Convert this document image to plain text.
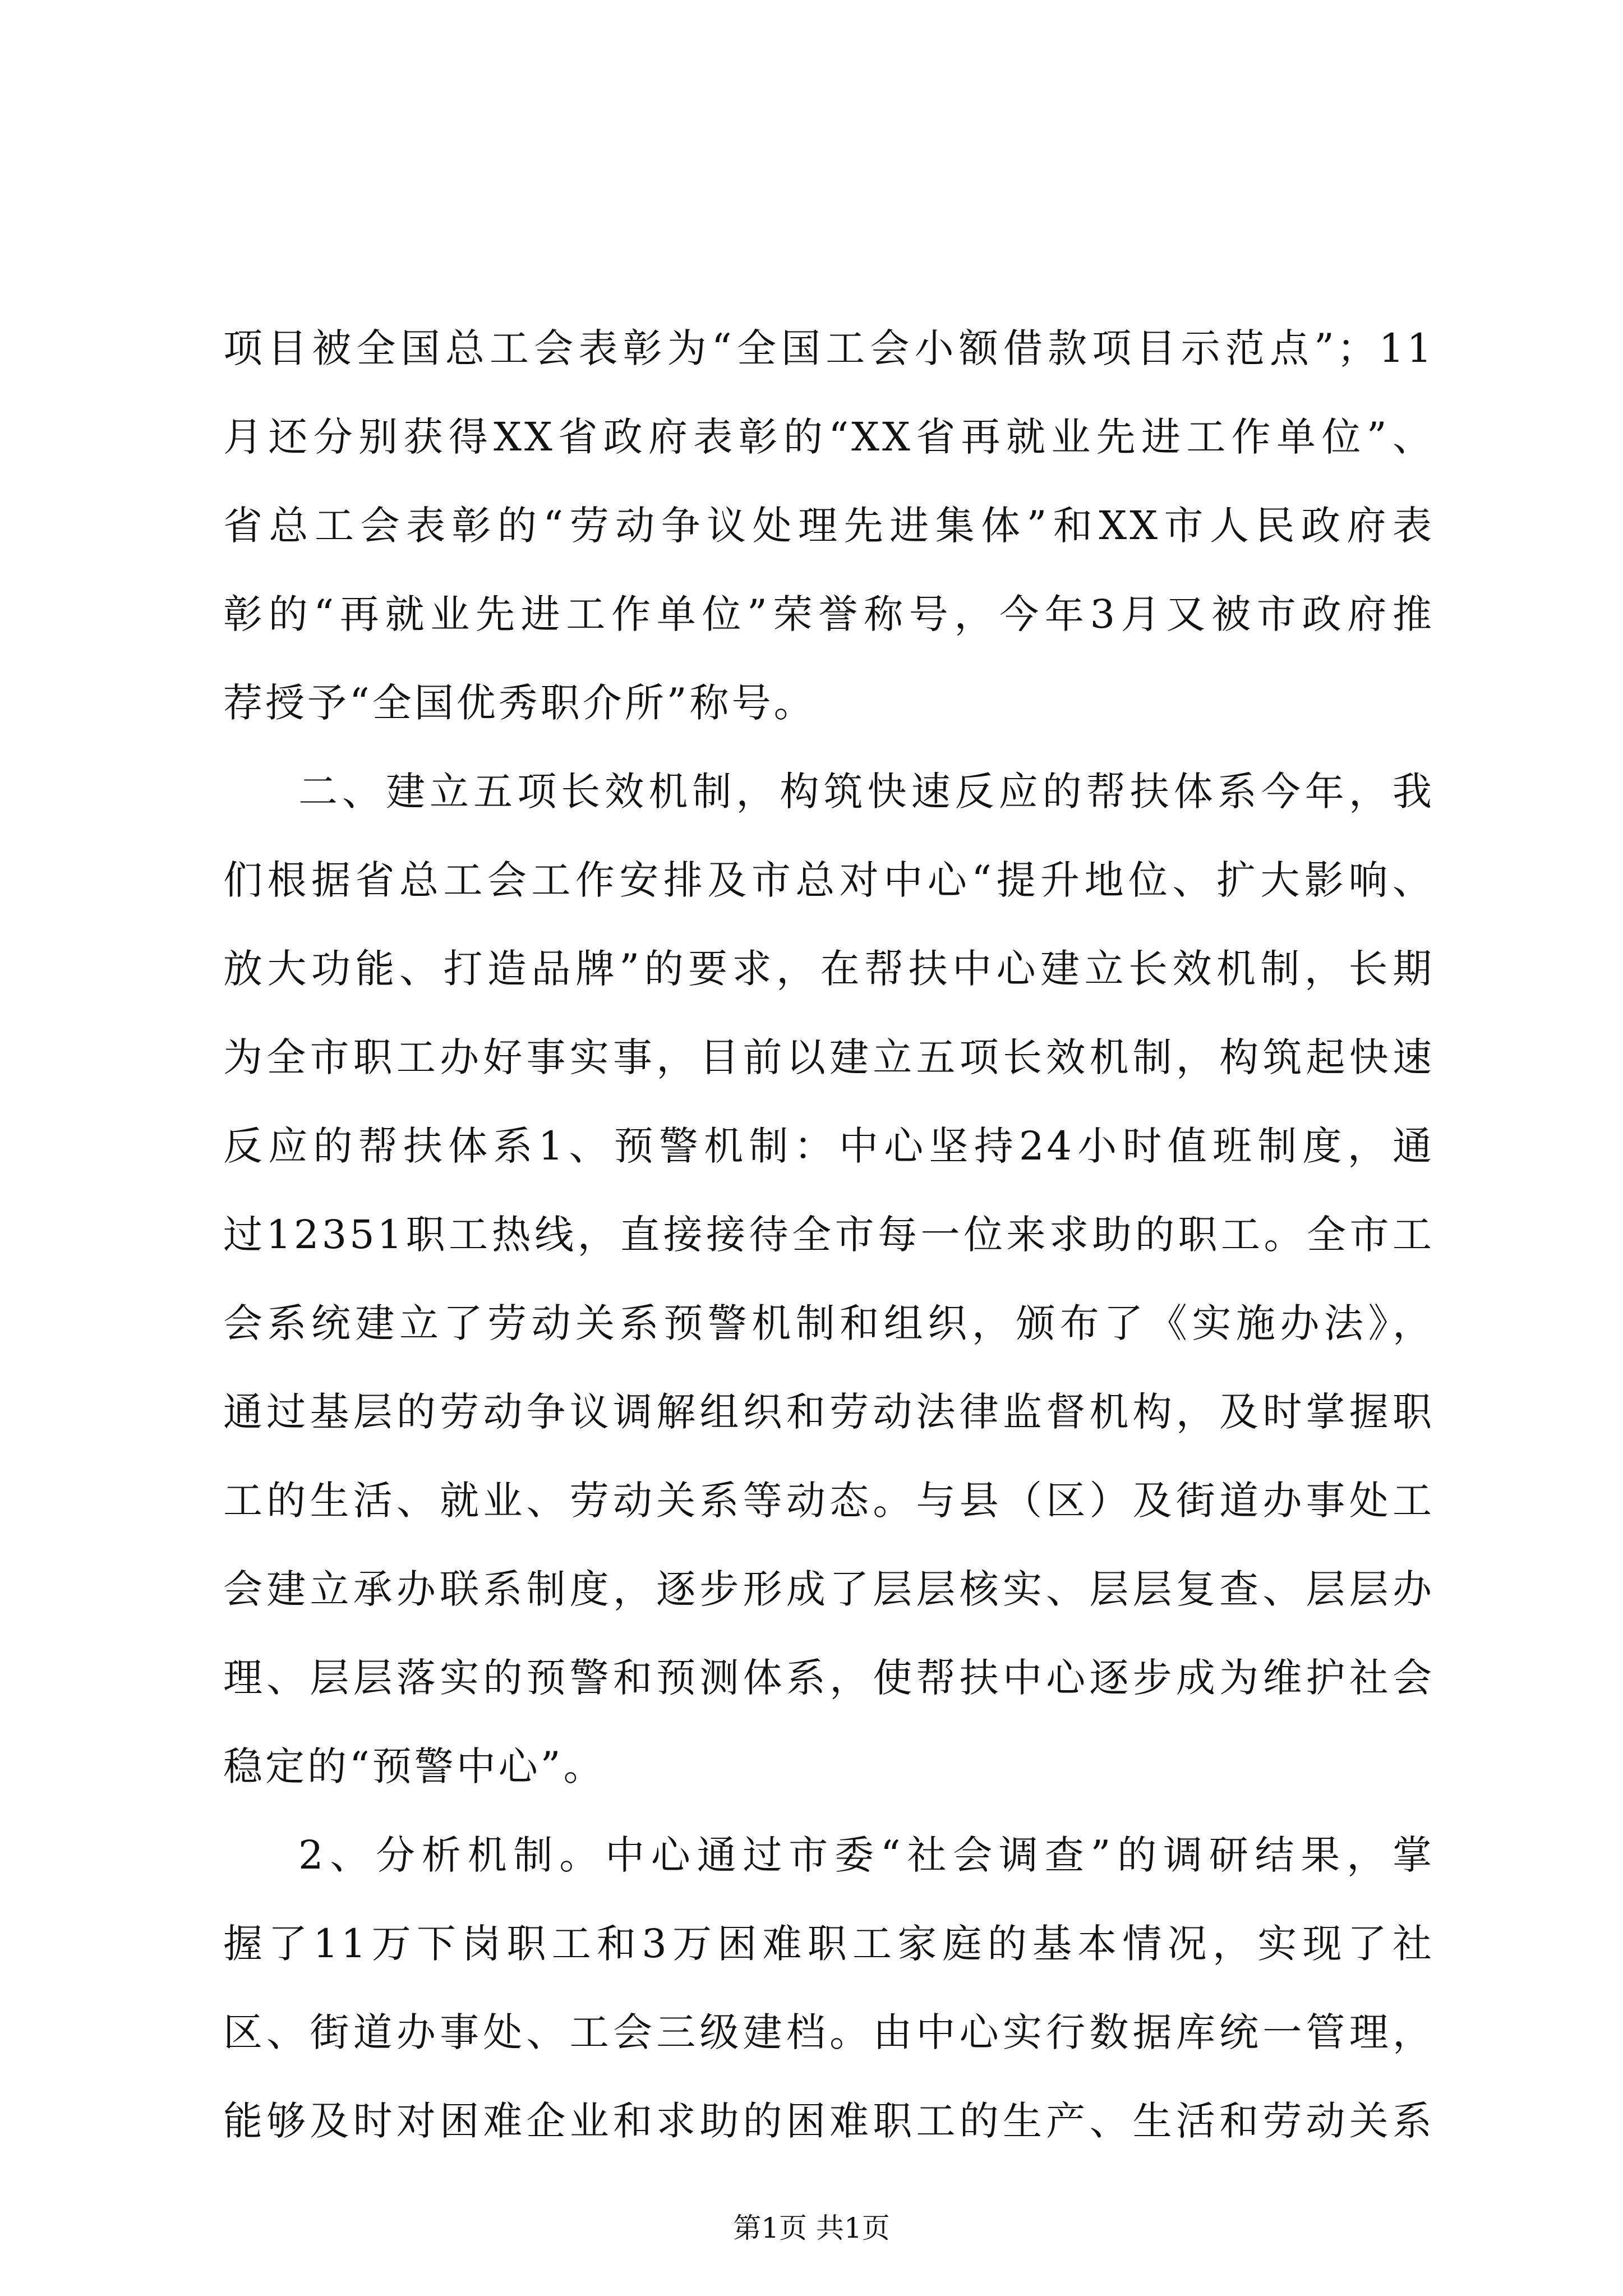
项目被全国总工会表彰为“全国工会小额借款项目示范点”；11
月还分别获得XX省政府表彰的“XX省再就业先进工作单位”、
省总工会表彰的“劳动争议处理先进集体”和XX市人民政府表
彰的“再就业先进工作单位”荣誉称号，今年3月又被市政府推
荐授予“全国优秀职介所”称号。
二、建立五项长效机制，构筑快速反应的帮扶体系今年，我
们根据省总工会工作安排及市总对中心“提升地位、扩大影响、
放大功能、打造品牌”的要求，在帮扶中心建立长效机制，长期
为全市职工办好事实事，目前以建立五项长效机制，构筑起快速
反应的帮扶体系1、预警机制：中心坚持24小时值班制度，通
过12351职工热线，直接接待全市每一位来求助的职工。全市工
会系统建立了劳动关系预警机制和组织，颁布了《实施办法》，
通过基层的劳动争议调解组织和劳动法律监督机构，及时掌握职
工的生活、就业、劳动关系等动态。与县（区）及街道办事处工
会建立承办联系制度，逐步形成了层层核实、层层复查、层层办
理、层层落实的预警和预测体系，使帮扶中心逐步成为维护社会
稳定的“预警中心”。
2、分析机制。中心通过市委“社会调查”的调研结果，掌
握了11万下岗职工和3万困难职工家庭的基本情况，实现了社
区、街道办事处、工会三级建档。由中心实行数据库统一管理，
能够及时对困难企业和求助的困难职工的生产、生活和劳动关系
第1页 共1页
